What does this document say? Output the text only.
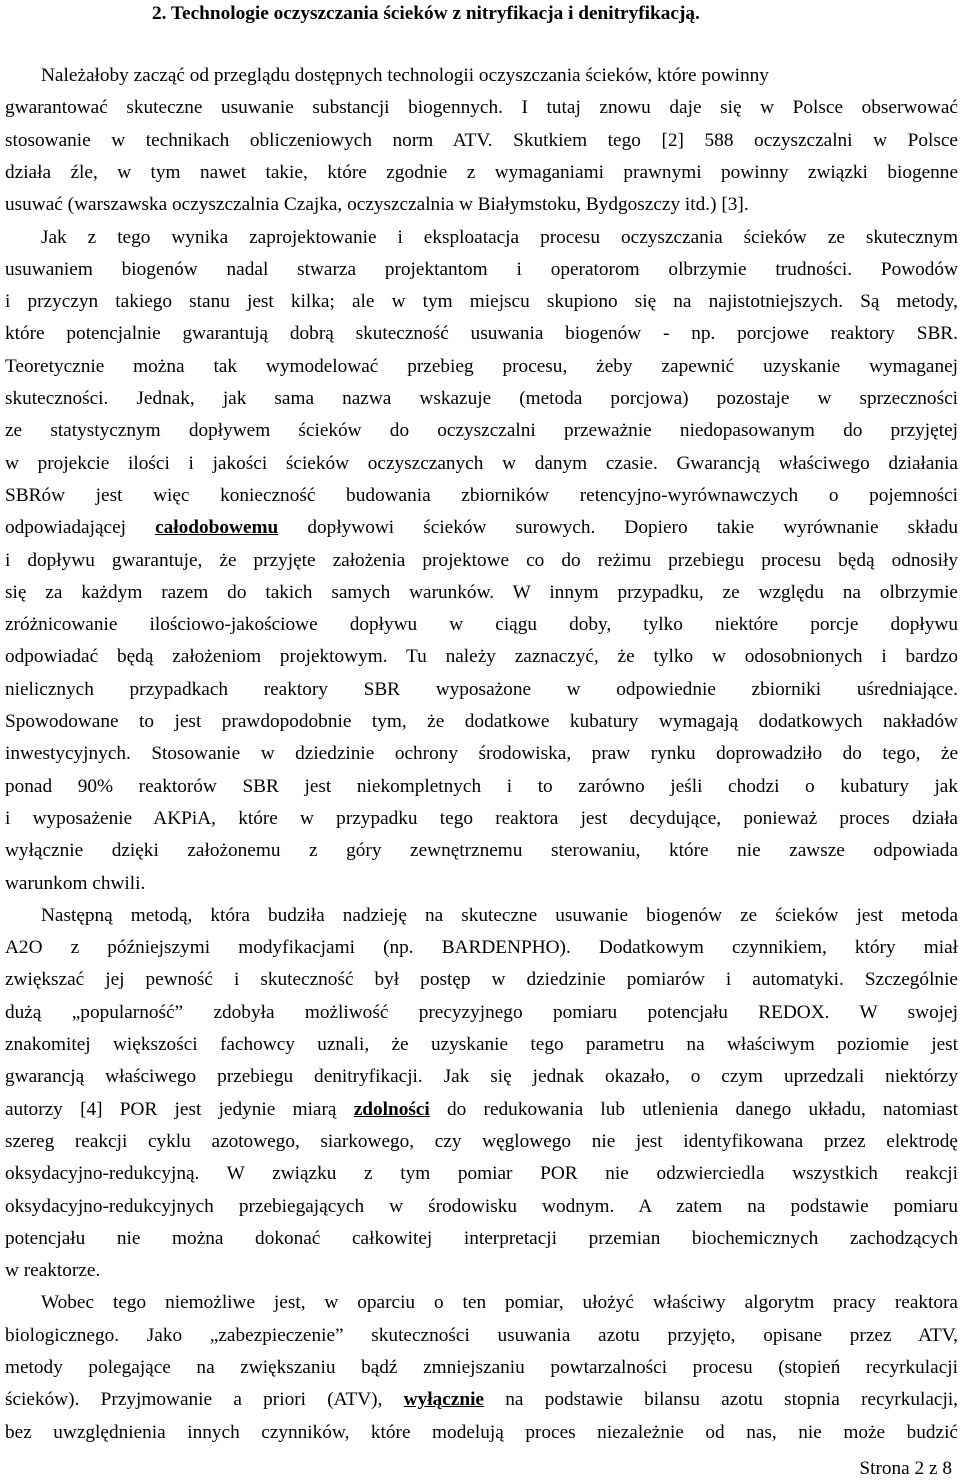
2. Technologie oczyszczania ścieków z nitryfikacja i denitryfikacją.
Należałoby zacząć od przeglądu dostępnych technologii oczyszczania ścieków, które powinny
gwarantować skuteczne usuwanie substancji biogennych. I tutaj znowu daje się w Polsce obserwować
stosowanie w technikach obliczeniowych norm ATV. Skutkiem tego [2] 588 oczyszczalni w Polsce
działa źle, w tym nawet takie, które zgodnie z wymaganiami prawnymi powinny związki biogenne
usuwać (warszawska oczyszczalnia Czajka, oczyszczalnia w Białymstoku, Bydgoszczy itd.) [3].
Jak z tego wynika zaprojektowanie i eksploatacja procesu oczyszczania ścieków ze skutecznym
usuwaniem biogenów nadal stwarza projektantom i operatorom olbrzymie trudności. Powodów
i przyczyn takiego stanu jest kilka; ale w tym miejscu skupiono się na najistotniejszych. Są metody,
które potencjalnie gwarantują dobrą skuteczność usuwania biogenów - np. porcjowe reaktory SBR.
Teoretycznie można tak wymodelować przebieg procesu, żeby zapewnić uzyskanie wymaganej
skuteczności. Jednak, jak sama nazwa wskazuje (metoda porcjowa) pozostaje w sprzeczności
ze statystycznym dopływem ścieków do oczyszczalni przeważnie niedopasowanym do przyjętej
w projekcie ilości i jakości ścieków oczyszczanych w danym czasie. Gwarancją właściwego działania
SBRów jest więc konieczność budowania zbiorników retencyjno-wyrównawczych o pojemności
odpowiadającej całodobowemu dopływowi ścieków surowych. Dopiero takie wyrównanie składu
i dopływu gwarantuje, że przyjęte założenia projektowe co do reżimu przebiegu procesu będą odnosiły
się za każdym razem do takich samych warunków. W innym przypadku, ze względu na olbrzymie
zróżnicowanie ilościowo-jakościowe dopływu w ciągu doby, tylko niektóre porcje dopływu
odpowiadać będą założeniom projektowym. Tu należy zaznaczyć, że tylko w odosobnionych i bardzo
nielicznych przypadkach reaktory SBR wyposażone w odpowiednie zbiorniki uśredniające.
Spowodowane to jest prawdopodobnie tym, że dodatkowe kubatury wymagają dodatkowych nakładów
inwestycyjnych. Stosowanie w dziedzinie ochrony środowiska, praw rynku doprowadziło do tego, że
ponad 90% reaktorów SBR jest niekompletnych i to zarówno jeśli chodzi o kubatury jak
i wyposażenie AKPiA, które w przypadku tego reaktora jest decydujące, ponieważ proces działa
wyłącznie dzięki założonemu z góry zewnętrznemu sterowaniu, które nie zawsze odpowiada
warunkom chwili.
Następną metodą, która budziła nadzieję na skuteczne usuwanie biogenów ze ścieków jest metoda
A2O z późniejszymi modyfikacjami (np. BARDENPHO). Dodatkowym czynnikiem, który miał
zwiększać jej pewność i skuteczność był postęp w dziedzinie pomiarów i automatyki. Szczególnie
dużą „popularność” zdobyła możliwość precyzyjnego pomiaru potencjału REDOX. W swojej
znakomitej większości fachowcy uznali, że uzyskanie tego parametru na właściwym poziomie jest
gwarancją właściwego przebiegu denitryfikacji. Jak się jednak okazało, o czym uprzedzali niektórzy
autorzy [4] POR jest jedynie miarą zdolności do redukowania lub utlenienia danego układu, natomiast
szereg reakcji cyklu azotowego, siarkowego, czy węglowego nie jest identyfikowana przez elektrodę
oksydacyjno-redukcyjną. W związku z tym pomiar POR nie odzwierciedla wszystkich reakcji
oksydacyjno-redukcyjnych przebiegających w środowisku wodnym. A zatem na podstawie pomiaru
potencjału nie można dokonać całkowitej interpretacji przemian biochemicznych zachodzących
w reaktorze.
Wobec tego niemożliwe jest, w oparciu o ten pomiar, ułożyć właściwy algorytm pracy reaktora
biologicznego. Jako „zabezpieczenie” skuteczności usuwania azotu przyjęto, opisane przez ATV,
metody polegające na zwiększaniu bądź zmniejszaniu powtarzalności procesu (stopień recyrkulacji
ścieków). Przyjmowanie a priori (ATV), wyłącznie na podstawie bilansu azotu stopnia recyrkulacji,
bez uwzględnienia innych czynników, które modelują proces niezależnie od nas, nie może budzić
Strona 2 z 8
